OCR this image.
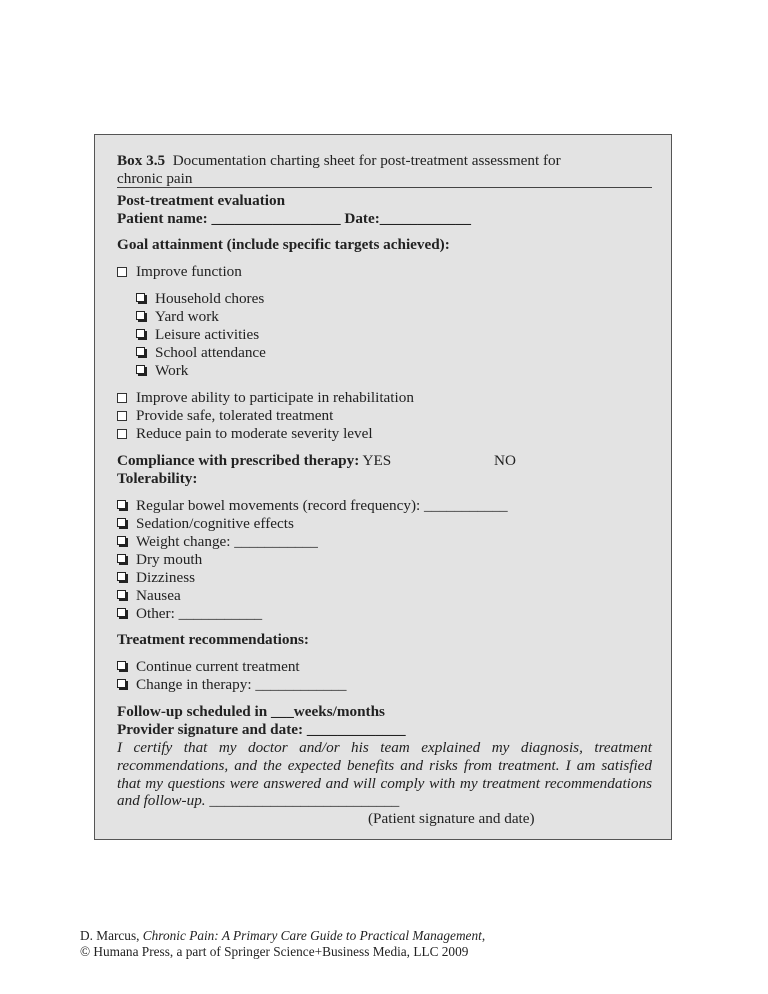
Box 3.5 Documentation charting sheet for post-treatment assessment for
chronic pain
Post-treatment evaluation
Patient name: _________________ Date:____________
Goal attainment (include specific targets achieved):
Improve function
Household chores
Yard work
Leisure activities
School attendance
Work
Improve ability to participate in rehabilitation
Provide safe, tolerated treatment
Reduce pain to moderate severity level
Compliance with prescribed therapy: YES	NO
Tolerability:
Regular bowel movements (record frequency): ___________
Sedation/cognitive effects
Weight change: ___________
Dry mouth
Dizziness
Nausea
Other: ___________
Treatment recommendations:
Continue current treatment
Change in therapy: ____________
Follow-up scheduled in ___weeks/months
Provider signature and date: _____________
I certify that my doctor and/or his team explained my diagnosis, treatment recommendations, and the expected benefits and risks from treatment. I am satisfied that my questions were answered and will comply with my treatment recommendations and follow-up. _________________________
(Patient signature and date)
D. Marcus, Chronic Pain: A Primary Care Guide to Practical Management,
© Humana Press, a part of Springer Science+Business Media, LLC 2009
